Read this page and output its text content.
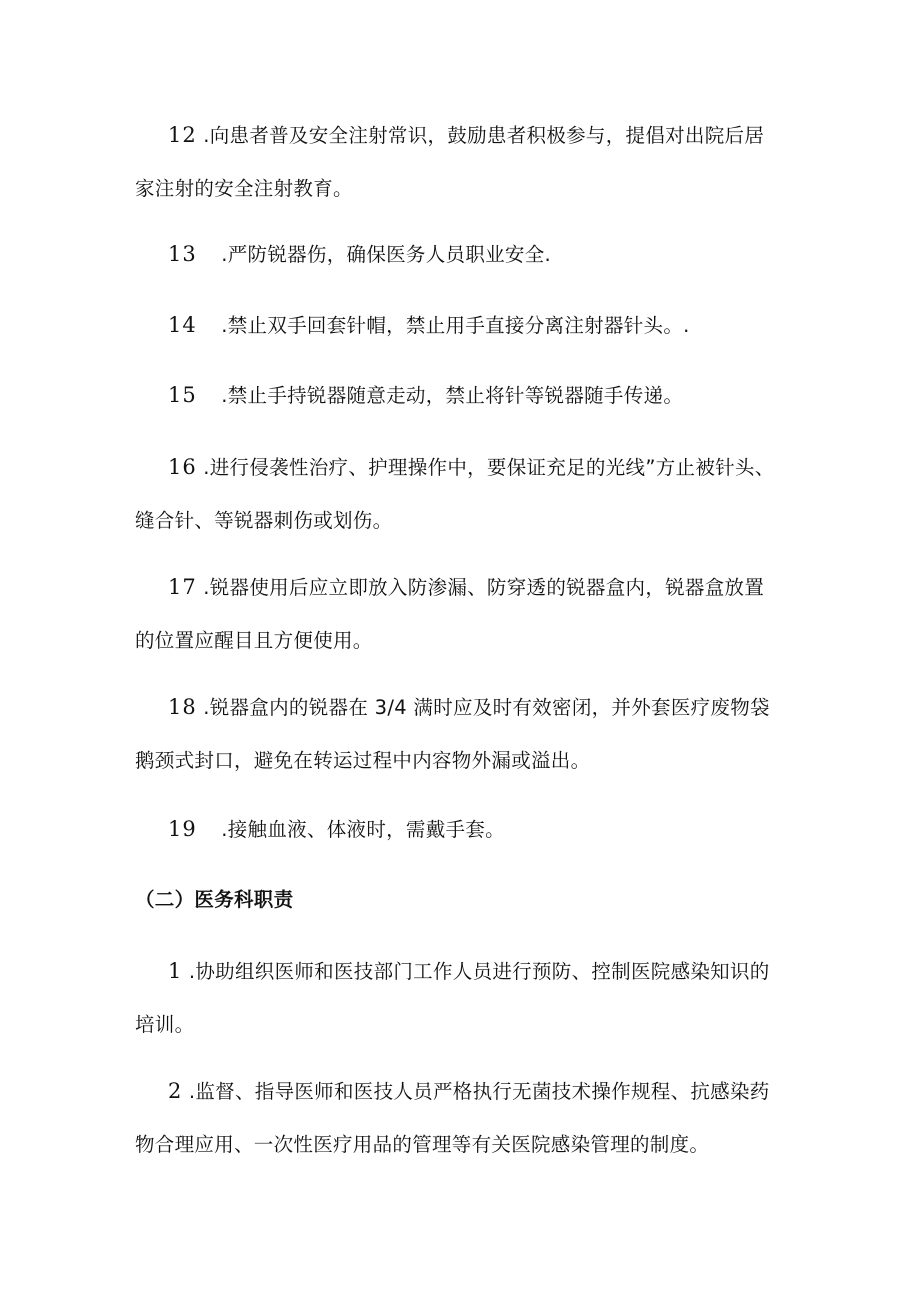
12 .向患者普及安全注射常识，鼓励患者积极参与，提倡对出院后居
家注射的安全注射教育。
13 .严防锐器伤，确保医务人员职业安全.
14 .禁止双手回套针帽，禁止用手直接分离注射器针头。.
15 .禁止手持锐器随意走动，禁止将针等锐器随手传递。
16 .进行侵袭性治疗、护理操作中，要保证充足的光线”方止被针头、
缝合针、等锐器刺伤或划伤。
17 .锐器使用后应立即放入防渗漏、防穿透的锐器盒内，锐器盒放置
的位置应醒目且方便使用。
18 .锐器盒内的锐器在 3/4 满时应及时有效密闭，并外套医疗废物袋
鹅颈式封口，避免在转运过程中内容物外漏或溢出。
19 .接触血液、体液时，需戴手套。
（二）医务科职责
1 .协助组织医师和医技部门工作人员进行预防、控制医院感染知识的
培训。
2 .监督、指导医师和医技人员严格执行无菌技术操作规程、抗感染药
物合理应用、一次性医疗用品的管理等有关医院感染管理的制度。
